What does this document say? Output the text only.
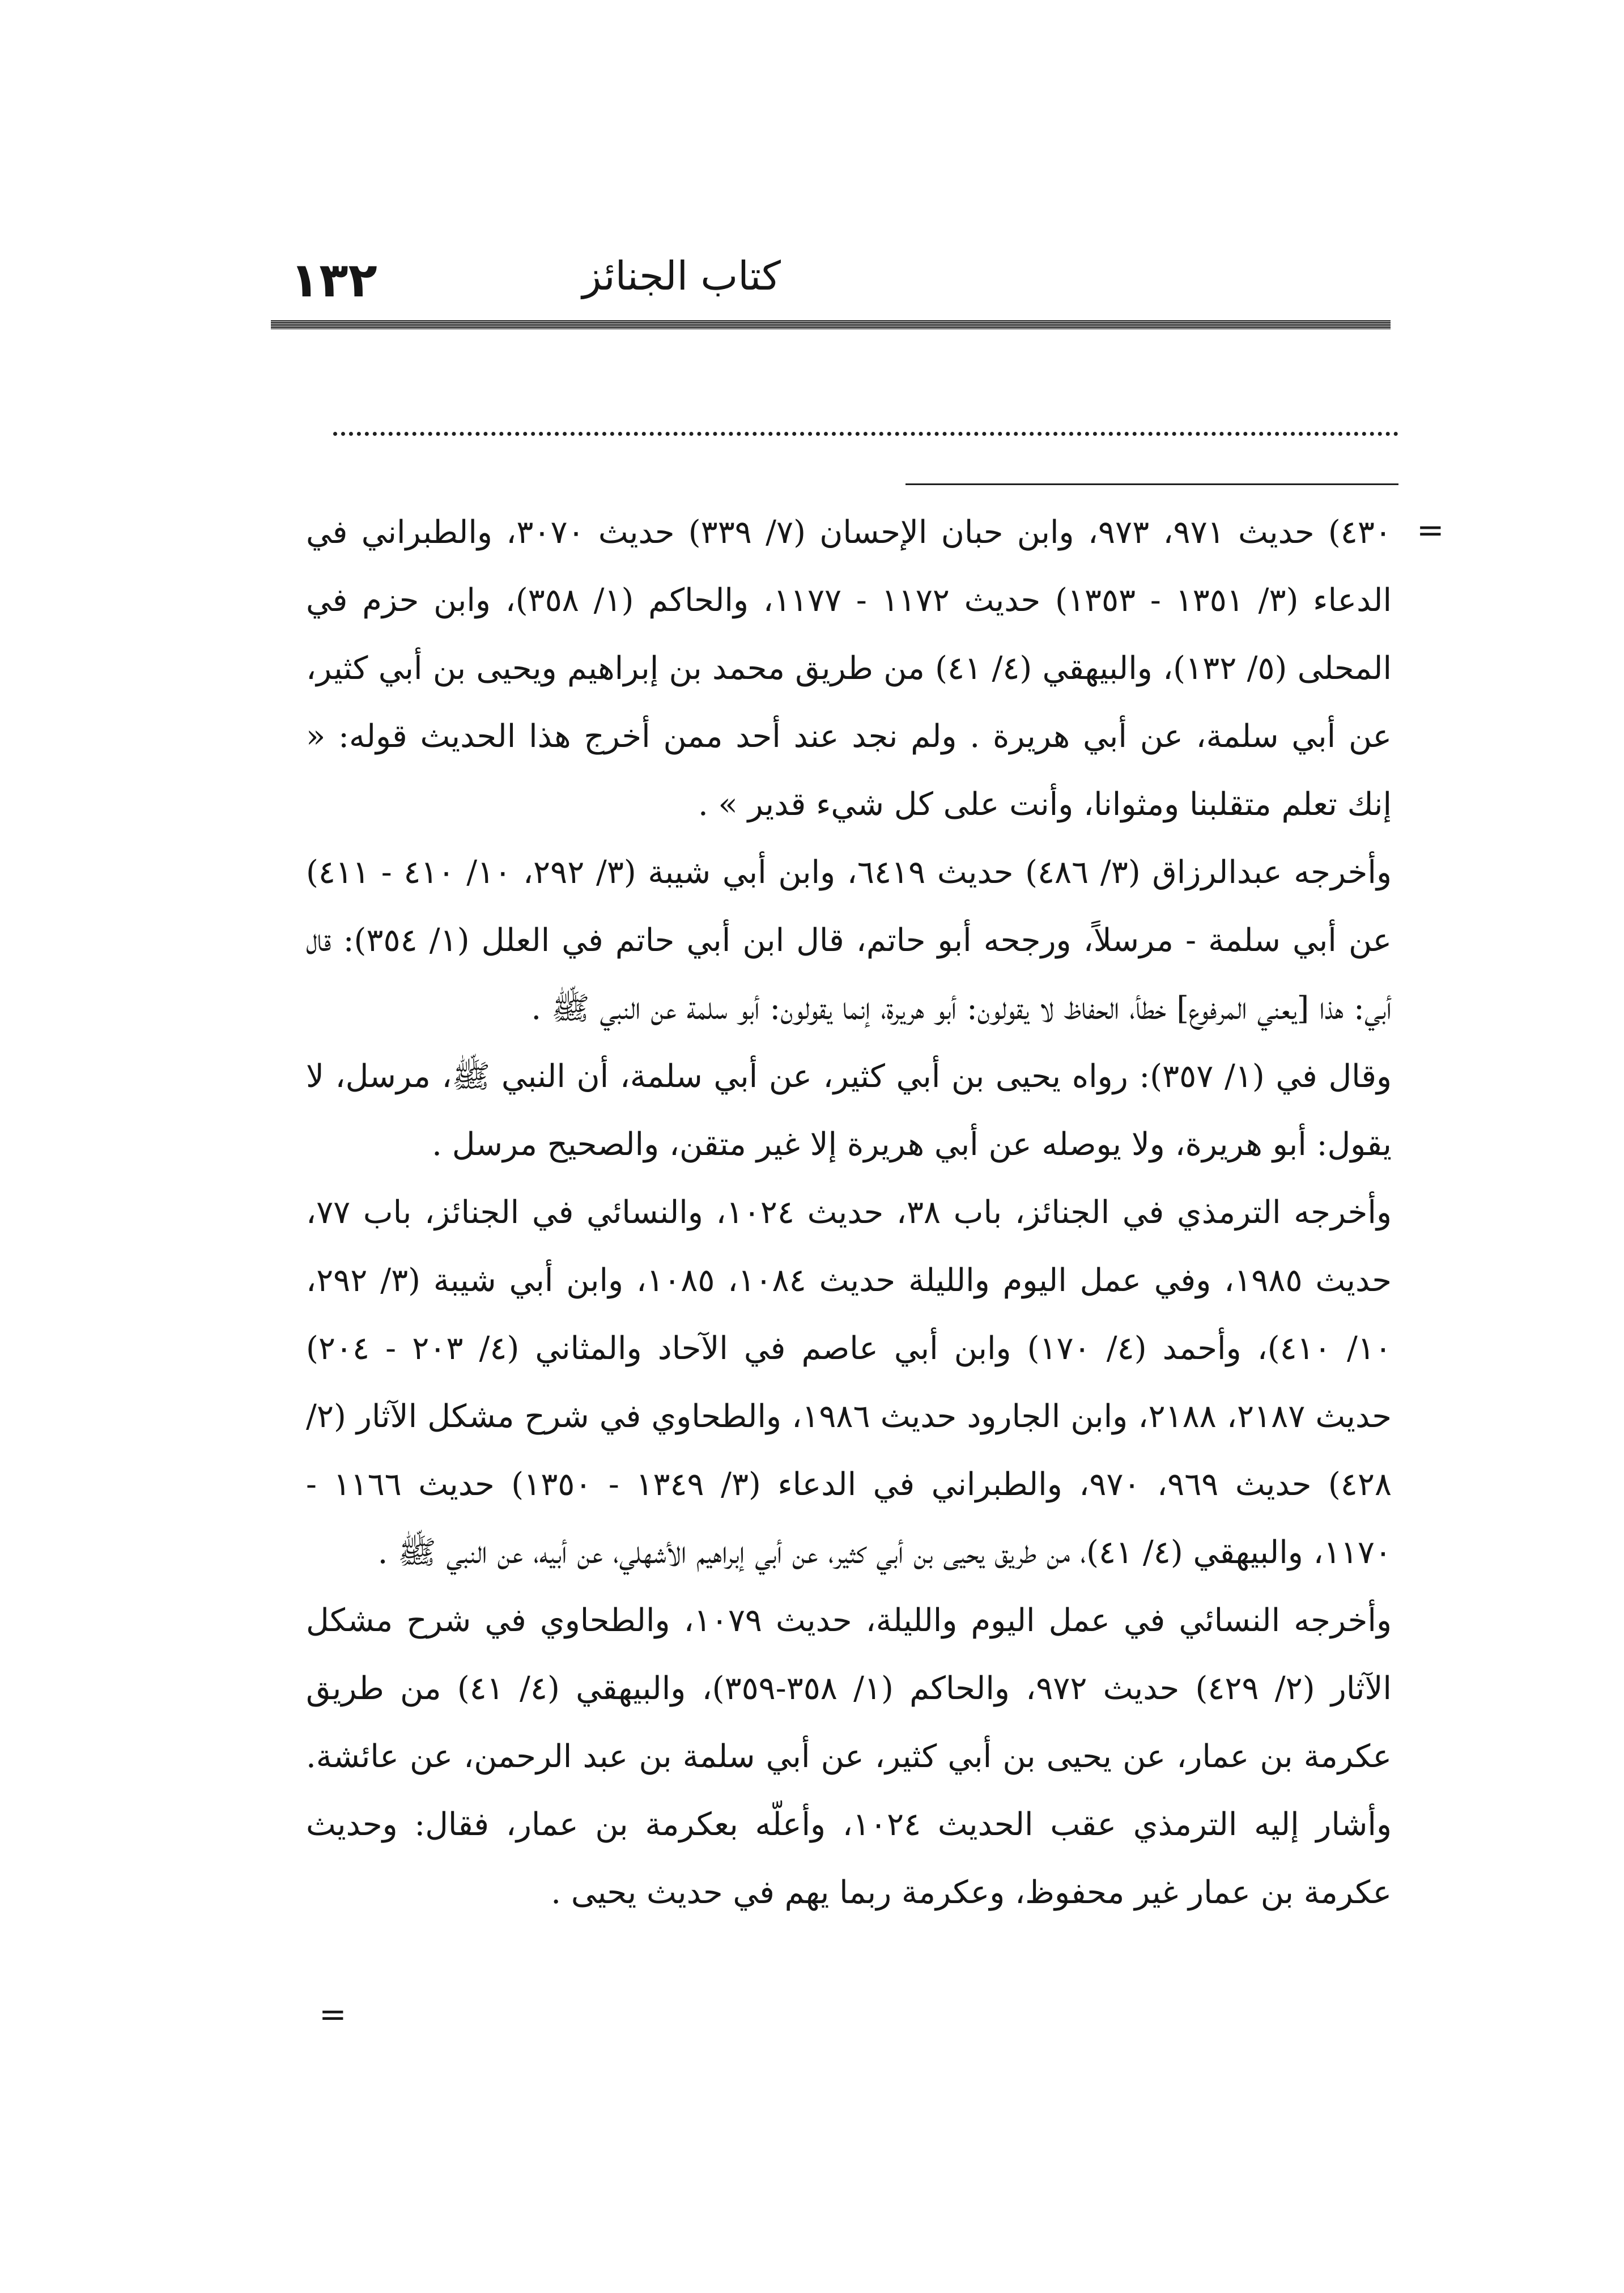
١٣٢	كتاب الجنائز
=

٤٣٠) حديث ٩٧١، ٩٧٣، وابن حبان الإحسان (٧/ ٣٣٩) حديث ٣٠٧٠، والطبراني في الدعاء (٣/ ١٣٥١ - ١٣٥٣) حديث ١١٧٢ - ١١٧٧، والحاكم (١/ ٣٥٨)، وابن حزم في المحلى (٥/ ١٣٢)، والبيهقي (٤/ ٤١) من طريق محمد بن إبراهيم ويحيى بن أبي كثير، عن أبي سلمة، عن أبي هريرة . ولم نجد عند أحد ممن أخرج هذا الحديث قوله: « إنك تعلم متقلبنا ومثوانا، وأنت على كل شيء قدير » .

وأخرجه عبدالرزاق (٣/ ٤٨٦) حديث ٦٤١٩، وابن أبي شيبة (٣/ ٢٩٢، ١٠/ ٤١٠ - ٤١١) عن أبي سلمة - مرسلاً، ورجحه أبو حاتم، قال ابن أبي حاتم في العلل (١/ ٣٥٤): قال أبي: هذا [يعني المرفوع] خطأ، الحفاظ لا يقولون: أبو هريرة، إنما يقولون: أبو سلمة عن النبي ﷺ .

وقال في (١/ ٣٥٧): رواه يحيى بن أبي كثير، عن أبي سلمة، أن النبي ﷺ، مرسل، لا يقول: أبو هريرة، ولا يوصله عن أبي هريرة إلا غير متقن، والصحيح مرسل .

وأخرجه الترمذي في الجنائز، باب ٣٨، حديث ١٠٢٤، والنسائي في الجنائز، باب ٧٧، حديث ١٩٨٥، وفي عمل اليوم والليلة حديث ١٠٨٤، ١٠٨٥، وابن أبي شيبة (٣/ ٢٩٢، ١٠/ ٤١٠)، وأحمد (٤/ ١٧٠) وابن أبي عاصم في الآحاد والمثاني (٤/ ٢٠٣ - ٢٠٤) حديث ٢١٨٧، ٢١٨٨، وابن الجارود حديث ١٩٨٦، والطحاوي في شرح مشكل الآثار (٢/ ٤٢٨) حديث ٩٦٩، ٩٧٠، والطبراني في الدعاء (٣/ ١٣٤٩ - ١٣٥٠) حديث ١١٦٦ - ١١٧٠، والبيهقي (٤/ ٤١)، من طريق يحيى بن أبي كثير، عن أبي إبراهيم الأشهلي، عن أبيه، عن النبي ﷺ .

وأخرجه النسائي في عمل اليوم والليلة، حديث ١٠٧٩، والطحاوي في شرح مشكل الآثار (٢/ ٤٢٩) حديث ٩٧٢، والحاكم (١/ ٣٥٨-٣٥٩)، والبيهقي (٤/ ٤١) من طريق عكرمة بن عمار، عن يحيى بن أبي كثير، عن أبي سلمة بن عبد الرحمن، عن عائشة. وأشار إليه الترمذي عقب الحديث ١٠٢٤، وأعلّه بعكرمة بن عمار، فقال: وحديث عكرمة بن عمار غير محفوظ، وعكرمة ربما يهم في حديث يحيى .

=
